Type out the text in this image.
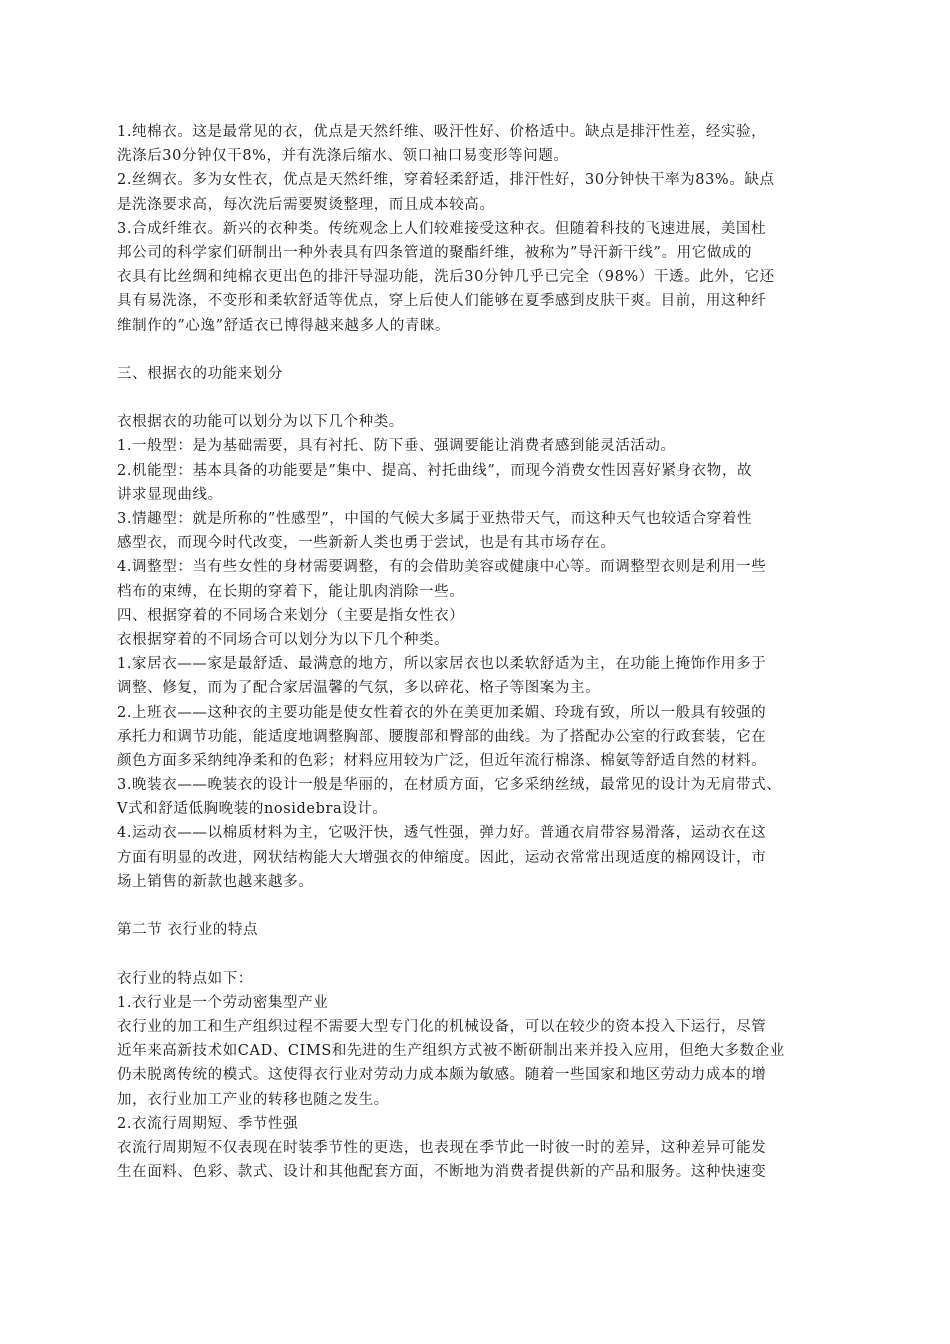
1.纯棉衣。这是最常见的衣，优点是天然纤维、吸汗性好、价格适中。缺点是排汗性差，经实验，
洗涤后30分钟仅干8%，并有洗涤后缩水、领口袖口易变形等问题。
2.丝绸衣。多为女性衣，优点是天然纤维，穿着轻柔舒适，排汗性好，30分钟快干率为83%。缺点
是洗涤要求高，每次洗后需要熨烫整理，而且成本较高。
3.合成纤维衣。新兴的衣种类。传统观念上人们较难接受这种衣。但随着科技的飞速进展，美国杜
邦公司的科学家们研制出一种外表具有四条管道的聚酯纤维，被称为”导汗新干线”。用它做成的
衣具有比丝绸和纯棉衣更出色的排汗导湿功能，洗后30分钟几乎已完全（98%）干透。此外，它还
具有易洗涤，不变形和柔软舒适等优点，穿上后使人们能够在夏季感到皮肤干爽。目前，用这种纤
维制作的”心逸”舒适衣已博得越来越多人的青睐。
三、根据衣的功能来划分
衣根据衣的功能可以划分为以下几个种类。
1.一般型：是为基础需要，具有衬托、防下垂、强调要能让消费者感到能灵活活动。
2.机能型：基本具备的功能要是”集中、提高、衬托曲线”，而现今消费女性因喜好紧身衣物，故
讲求显现曲线。
3.情趣型：就是所称的”性感型”，中国的气候大多属于亚热带天气，而这种天气也较适合穿着性
感型衣，而现今时代改变，一些新新人类也勇于尝试，也是有其市场存在。
4.调整型：当有些女性的身材需要调整，有的会借助美容或健康中心等。而调整型衣则是利用一些
档布的束缚，在长期的穿着下，能让肌肉消除一些。
四、根据穿着的不同场合来划分（主要是指女性衣）
衣根据穿着的不同场合可以划分为以下几个种类。
1.家居衣——家是最舒适、最满意的地方，所以家居衣也以柔软舒适为主，在功能上掩饰作用多于
调整、修复，而为了配合家居温馨的气氛，多以碎花、格子等图案为主。
2.上班衣——这种衣的主要功能是使女性着衣的外在美更加柔媚、玲珑有致，所以一般具有较强的
承托力和调节功能，能适度地调整胸部、腰腹部和臀部的曲线。为了搭配办公室的行政套装，它在
颜色方面多采纳纯净柔和的色彩；材料应用较为广泛，但近年流行棉涤、棉氨等舒适自然的材料。
3.晚装衣——晚装衣的设计一般是华丽的，在材质方面，它多采纳丝绒，最常见的设计为无肩带式、
V式和舒适低胸晚装的nosidebra设计。
4.运动衣——以棉质材料为主，它吸汗快，透气性强，弹力好。普通衣肩带容易滑落，运动衣在这
方面有明显的改进，网状结构能大大增强衣的伸缩度。因此，运动衣常常出现适度的棉网设计，市
场上销售的新款也越来越多。
第二节 衣行业的特点
衣行业的特点如下：
1.衣行业是一个劳动密集型产业
衣行业的加工和生产组织过程不需要大型专门化的机械设备，可以在较少的资本投入下运行，尽管
近年来高新技术如CAD、CIMS和先进的生产组织方式被不断研制出来并投入应用，但绝大多数企业
仍未脱离传统的模式。这使得衣行业对劳动力成本颇为敏感。随着一些国家和地区劳动力成本的增
加，衣行业加工产业的转移也随之发生。
2.衣流行周期短、季节性强
衣流行周期短不仅表现在时装季节性的更迭，也表现在季节此一时彼一时的差异，这种差异可能发
生在面料、色彩、款式、设计和其他配套方面，不断地为消费者提供新的产品和服务。这种快速变
